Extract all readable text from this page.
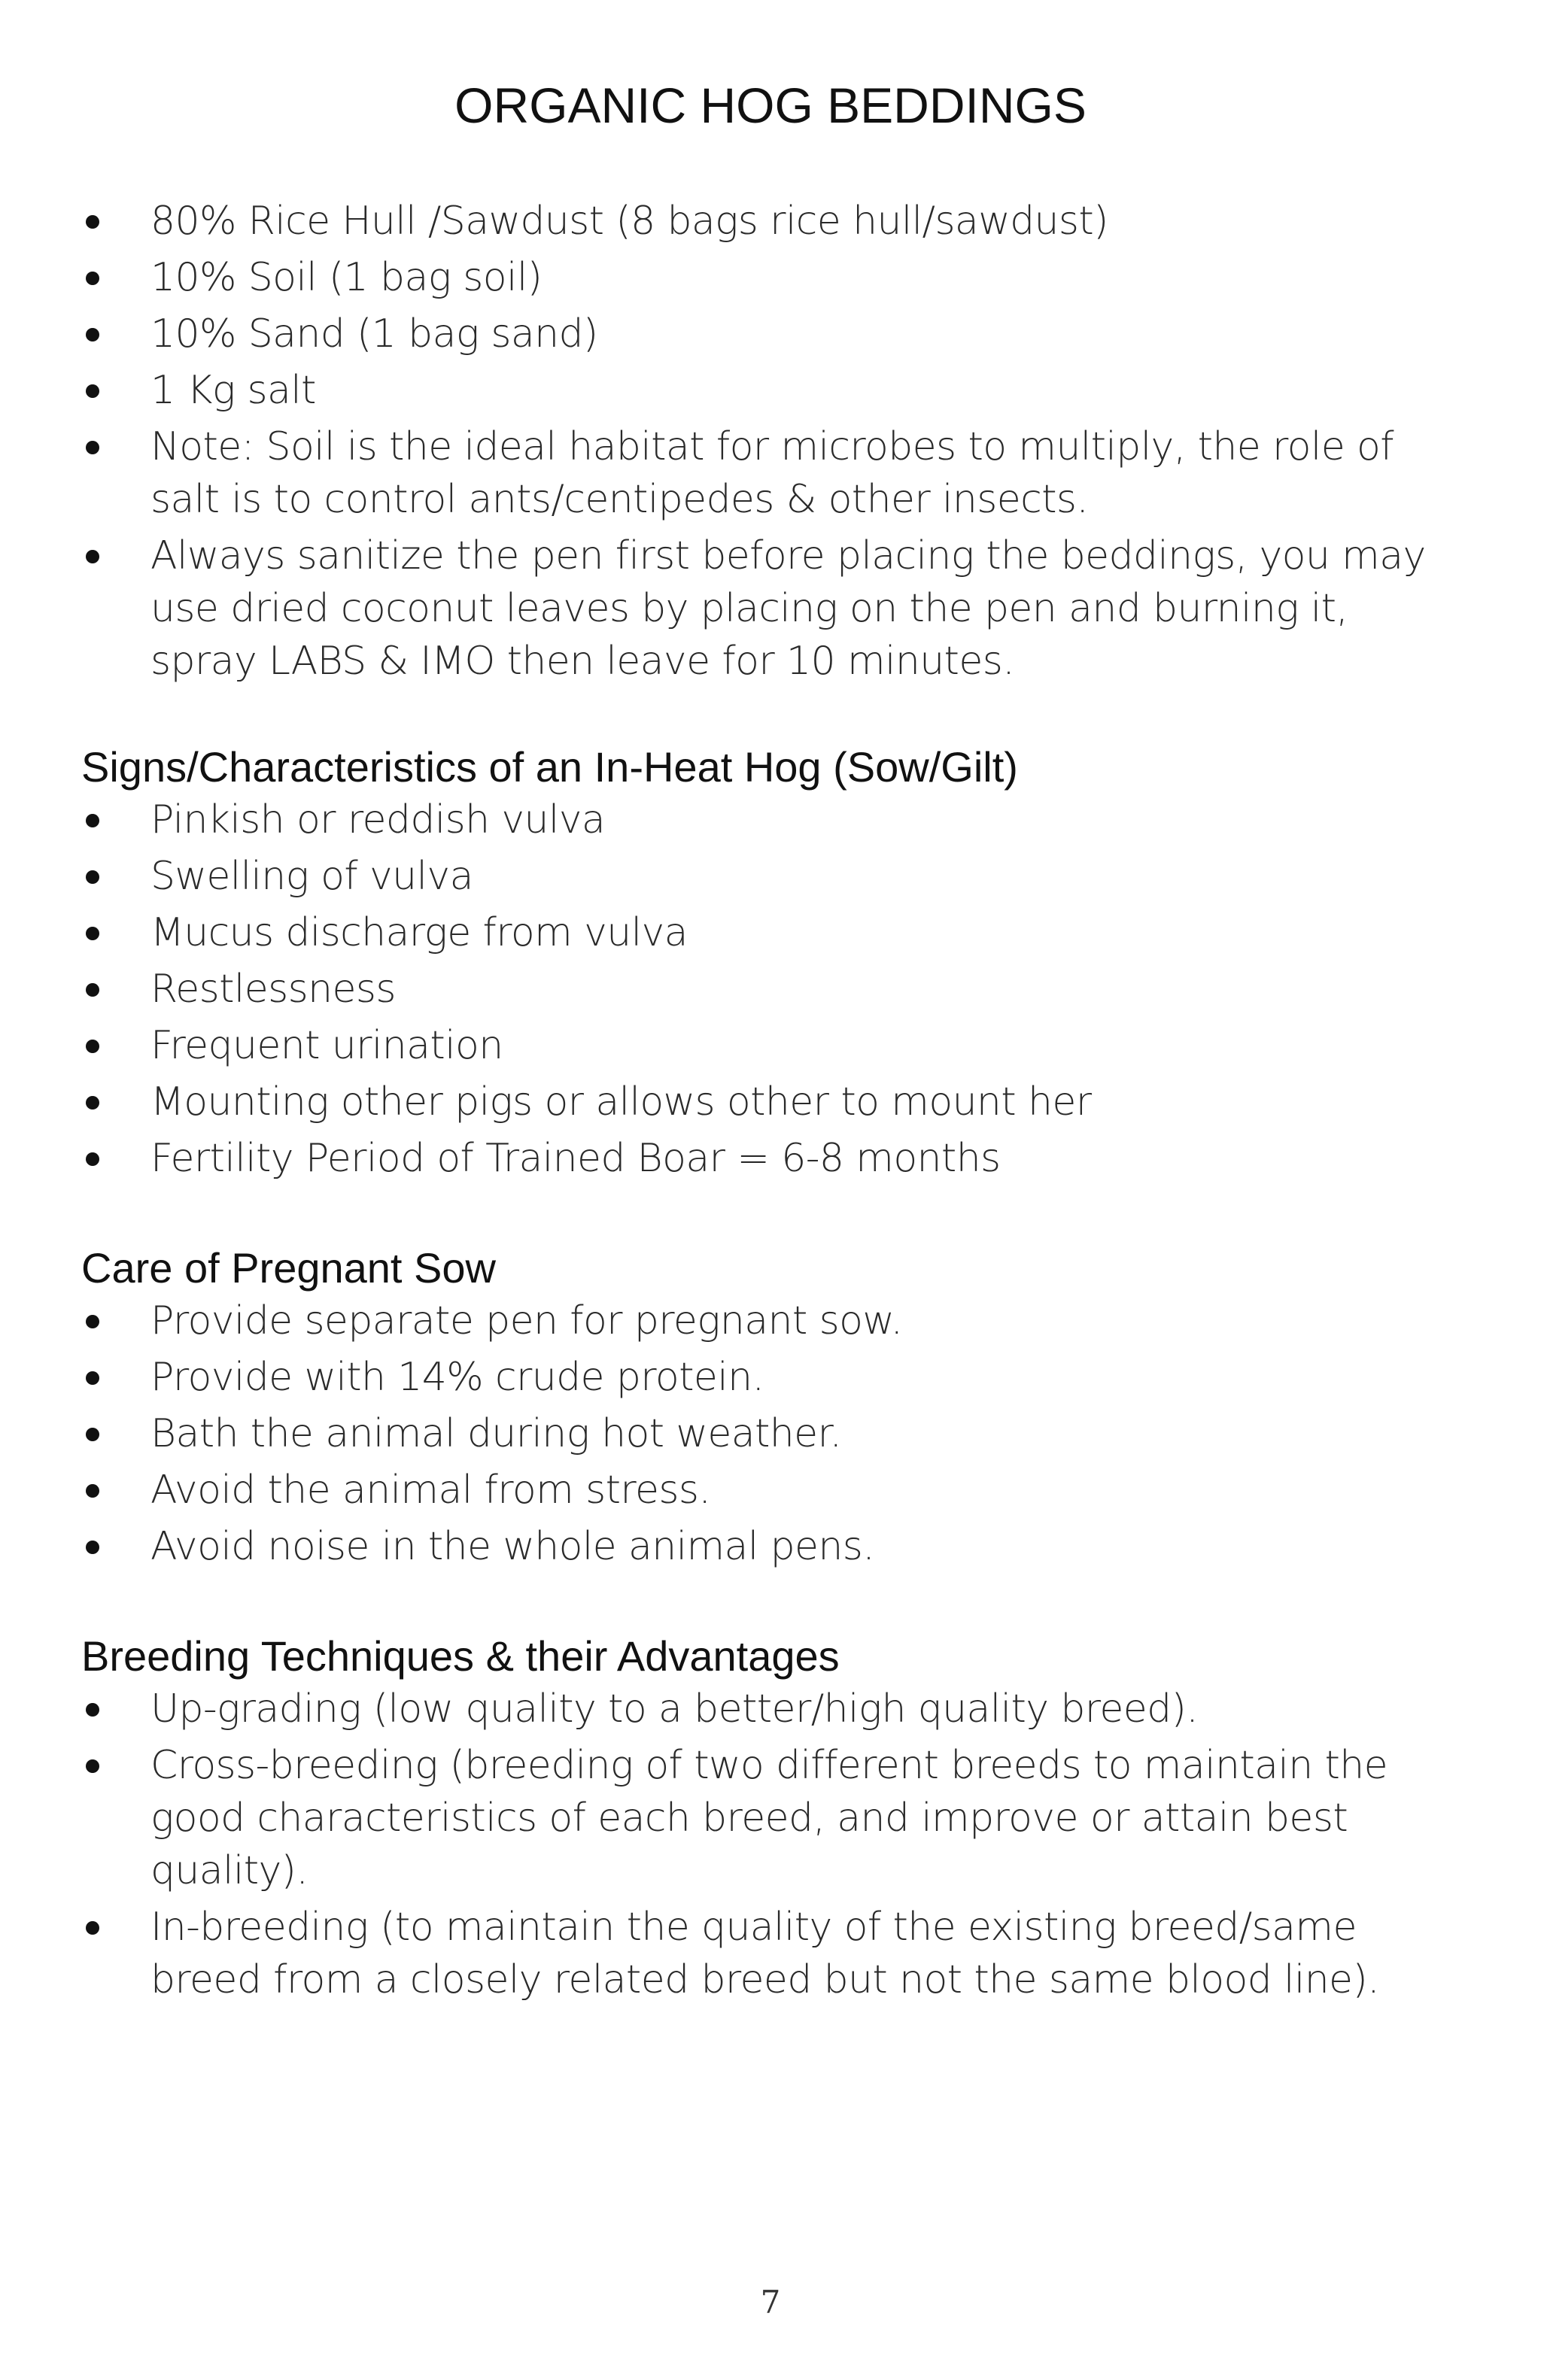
ORGANIC HOG BEDDINGS
80% Rice Hull /Sawdust (8 bags rice hull/sawdust)
10% Soil (1 bag soil)
10% Sand (1 bag sand)
1 Kg salt
Note: Soil is the ideal habitat for microbes to multiply, the role of salt is to control ants/centipedes & other insects.
Always sanitize the pen first before placing the beddings, you may use dried coconut leaves by placing on the pen and burning it, spray LABS & IMO then leave for 10 minutes.
Signs/Characteristics of an In-Heat Hog (Sow/Gilt)
Pinkish or reddish vulva
Swelling of vulva
Mucus discharge from vulva
Restlessness
Frequent urination
Mounting other pigs or allows other to mount her
Fertility Period of Trained Boar = 6-8 months
Care of Pregnant Sow
Provide separate pen for pregnant sow.
Provide with 14% crude protein.
Bath the animal during hot weather.
Avoid the animal from stress.
Avoid noise in the whole animal pens.
Breeding Techniques & their Advantages
Up-grading (low quality to a better/high quality breed).
Cross-breeding (breeding of two different breeds to maintain the good characteristics of each breed, and improve or attain best quality).
In-breeding (to maintain the quality of the existing breed/same breed from a closely related breed but not the same blood line).
7
